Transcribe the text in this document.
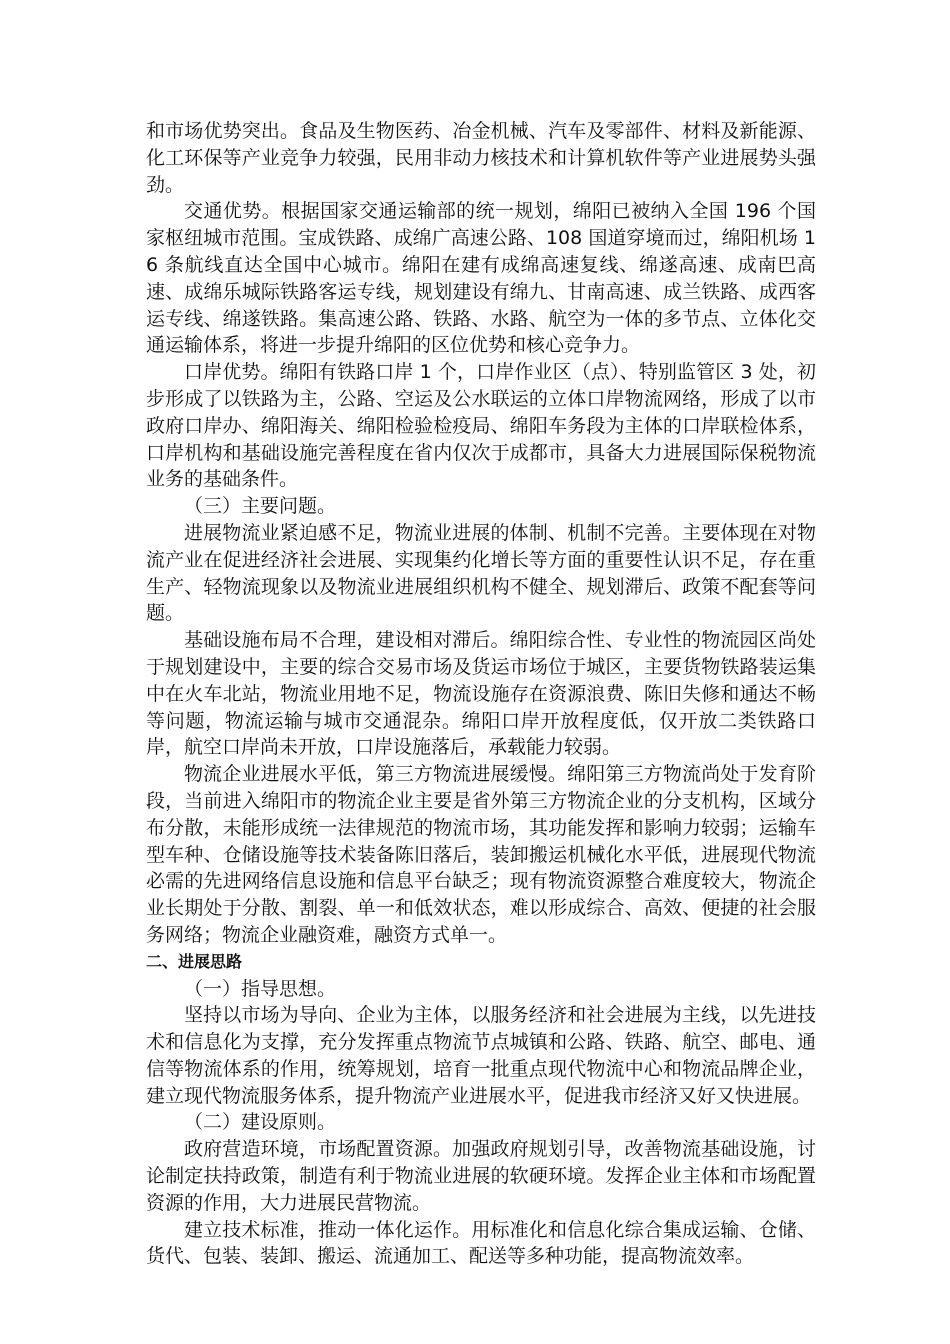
和市场优势突出。食品及生物医药、冶金机械、汽车及零部件、材料及新能源、化工环保等产业竞争力较强，民用非动力核技术和计算机软件等产业进展势头强劲。

交通优势。根据国家交通运输部的统一规划，绵阳已被纳入全国 196 个国家枢纽城市范围。宝成铁路、成绵广高速公路、108 国道穿境而过，绵阳机场 16 条航线直达全国中心城市。绵阳在建有成绵高速复线、绵遂高速、成南巴高速、成绵乐城际铁路客运专线，规划建设有绵九、甘南高速、成兰铁路、成西客运专线、绵遂铁路。集高速公路、铁路、水路、航空为一体的多节点、立体化交通运输体系，将进一步提升绵阳的区位优势和核心竞争力。

口岸优势。绵阳有铁路口岸 1 个，口岸作业区（点）、特别监管区 3 处，初步形成了以铁路为主，公路、空运及公水联运的立体口岸物流网络，形成了以市政府口岸办、绵阳海关、绵阳检验检疫局、绵阳车务段为主体的口岸联检体系，口岸机构和基础设施完善程度在省内仅次于成都市，具备大力进展国际保税物流业务的基础条件。

（三）主要问题。

进展物流业紧迫感不足，物流业进展的体制、机制不完善。主要体现在对物流产业在促进经济社会进展、实现集约化增长等方面的重要性认识不足，存在重生产、轻物流现象以及物流业进展组织机构不健全、规划滞后、政策不配套等问题。

基础设施布局不合理，建设相对滞后。绵阳综合性、专业性的物流园区尚处于规划建设中，主要的综合交易市场及货运市场位于城区，主要货物铁路装运集中在火车北站，物流业用地不足，物流设施存在资源浪费、陈旧失修和通达不畅等问题，物流运输与城市交通混杂。绵阳口岸开放程度低，仅开放二类铁路口岸，航空口岸尚未开放，口岸设施落后，承载能力较弱。

物流企业进展水平低，第三方物流进展缓慢。绵阳第三方物流尚处于发育阶段，当前进入绵阳市的物流企业主要是省外第三方物流企业的分支机构，区域分布分散，未能形成统一法律规范的物流市场，其功能发挥和影响力较弱；运输车型车种、仓储设施等技术装备陈旧落后，装卸搬运机械化水平低，进展现代物流必需的先进网络信息设施和信息平台缺乏；现有物流资源整合难度较大，物流企业长期处于分散、割裂、单一和低效状态，难以形成综合、高效、便捷的社会服务网络；物流企业融资难，融资方式单一。

二、进展思路

（一）指导思想。

坚持以市场为导向、企业为主体，以服务经济和社会进展为主线，以先进技术和信息化为支撑，充分发挥重点物流节点城镇和公路、铁路、航空、邮电、通信等物流体系的作用，统筹规划，培育一批重点现代物流中心和物流品牌企业，建立现代物流服务体系，提升物流产业进展水平，促进我市经济又好又快进展。

（二）建设原则。

政府营造环境，市场配置资源。加强政府规划引导，改善物流基础设施，讨论制定扶持政策，制造有利于物流业进展的软硬环境。发挥企业主体和市场配置资源的作用，大力进展民营物流。

建立技术标准，推动一体化运作。用标准化和信息化综合集成运输、仓储、货代、包装、装卸、搬运、流通加工、配送等多种功能，提高物流效率。
